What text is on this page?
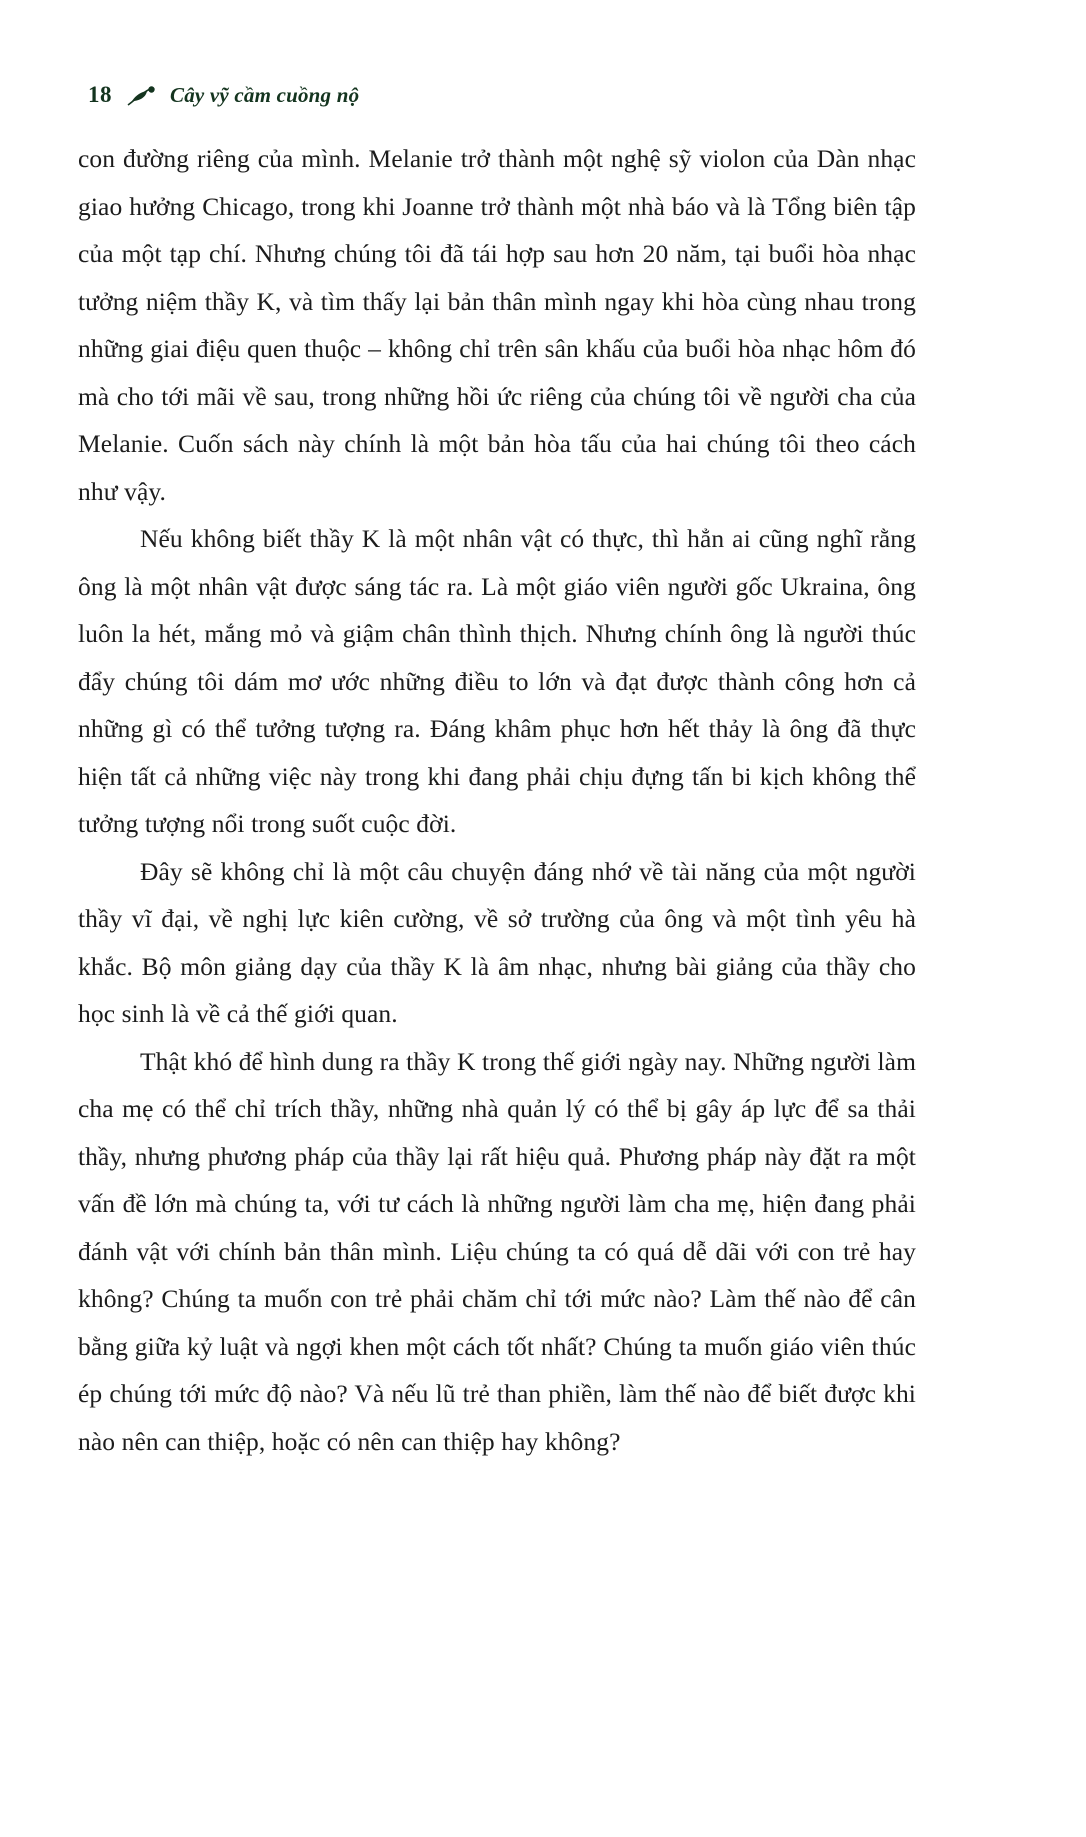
18	Cây vỹ cầm cuồng nộ

con đường riêng của mình. Melanie trở thành một nghệ sỹ violon của Dàn nhạc giao hưởng Chicago, trong khi Joanne trở thành một nhà báo và là Tổng biên tập của một tạp chí. Nhưng chúng tôi đã tái hợp sau hơn 20 năm, tại buổi hòa nhạc tưởng niệm thầy K, và tìm thấy lại bản thân mình ngay khi hòa cùng nhau trong những giai điệu quen thuộc – không chỉ trên sân khấu của buổi hòa nhạc hôm đó mà cho tới mãi về sau, trong những hồi ức riêng của chúng tôi về người cha của Melanie. Cuốn sách này chính là một bản hòa tấu của hai chúng tôi theo cách như vậy.

Nếu không biết thầy K là một nhân vật có thực, thì hẳn ai cũng nghĩ rằng ông là một nhân vật được sáng tác ra. Là một giáo viên người gốc Ukraina, ông luôn la hét, mắng mỏ và giậm chân thình thịch. Nhưng chính ông là người thúc đẩy chúng tôi dám mơ ước những điều to lớn và đạt được thành công hơn cả những gì có thể tưởng tượng ra. Đáng khâm phục hơn hết thảy là ông đã thực hiện tất cả những việc này trong khi đang phải chịu đựng tấn bi kịch không thể tưởng tượng nổi trong suốt cuộc đời.

Đây sẽ không chỉ là một câu chuyện đáng nhớ về tài năng của một người thầy vĩ đại, về nghị lực kiên cường, về sở trường của ông và một tình yêu hà khắc. Bộ môn giảng dạy của thầy K là âm nhạc, nhưng bài giảng của thầy cho học sinh là về cả thế giới quan.

Thật khó để hình dung ra thầy K trong thế giới ngày nay. Những người làm cha mẹ có thể chỉ trích thầy, những nhà quản lý có thể bị gây áp lực để sa thải thầy, nhưng phương pháp của thầy lại rất hiệu quả. Phương pháp này đặt ra một vấn đề lớn mà chúng ta, với tư cách là những người làm cha mẹ, hiện đang phải đánh vật với chính bản thân mình. Liệu chúng ta có quá dễ dãi với con trẻ hay không? Chúng ta muốn con trẻ phải chăm chỉ tới mức nào? Làm thế nào để cân bằng giữa kỷ luật và ngợi khen một cách tốt nhất? Chúng ta muốn giáo viên thúc ép chúng tới mức độ nào? Và nếu lũ trẻ than phiền, làm thế nào để biết được khi nào nên can thiệp, hoặc có nên can thiệp hay không?
